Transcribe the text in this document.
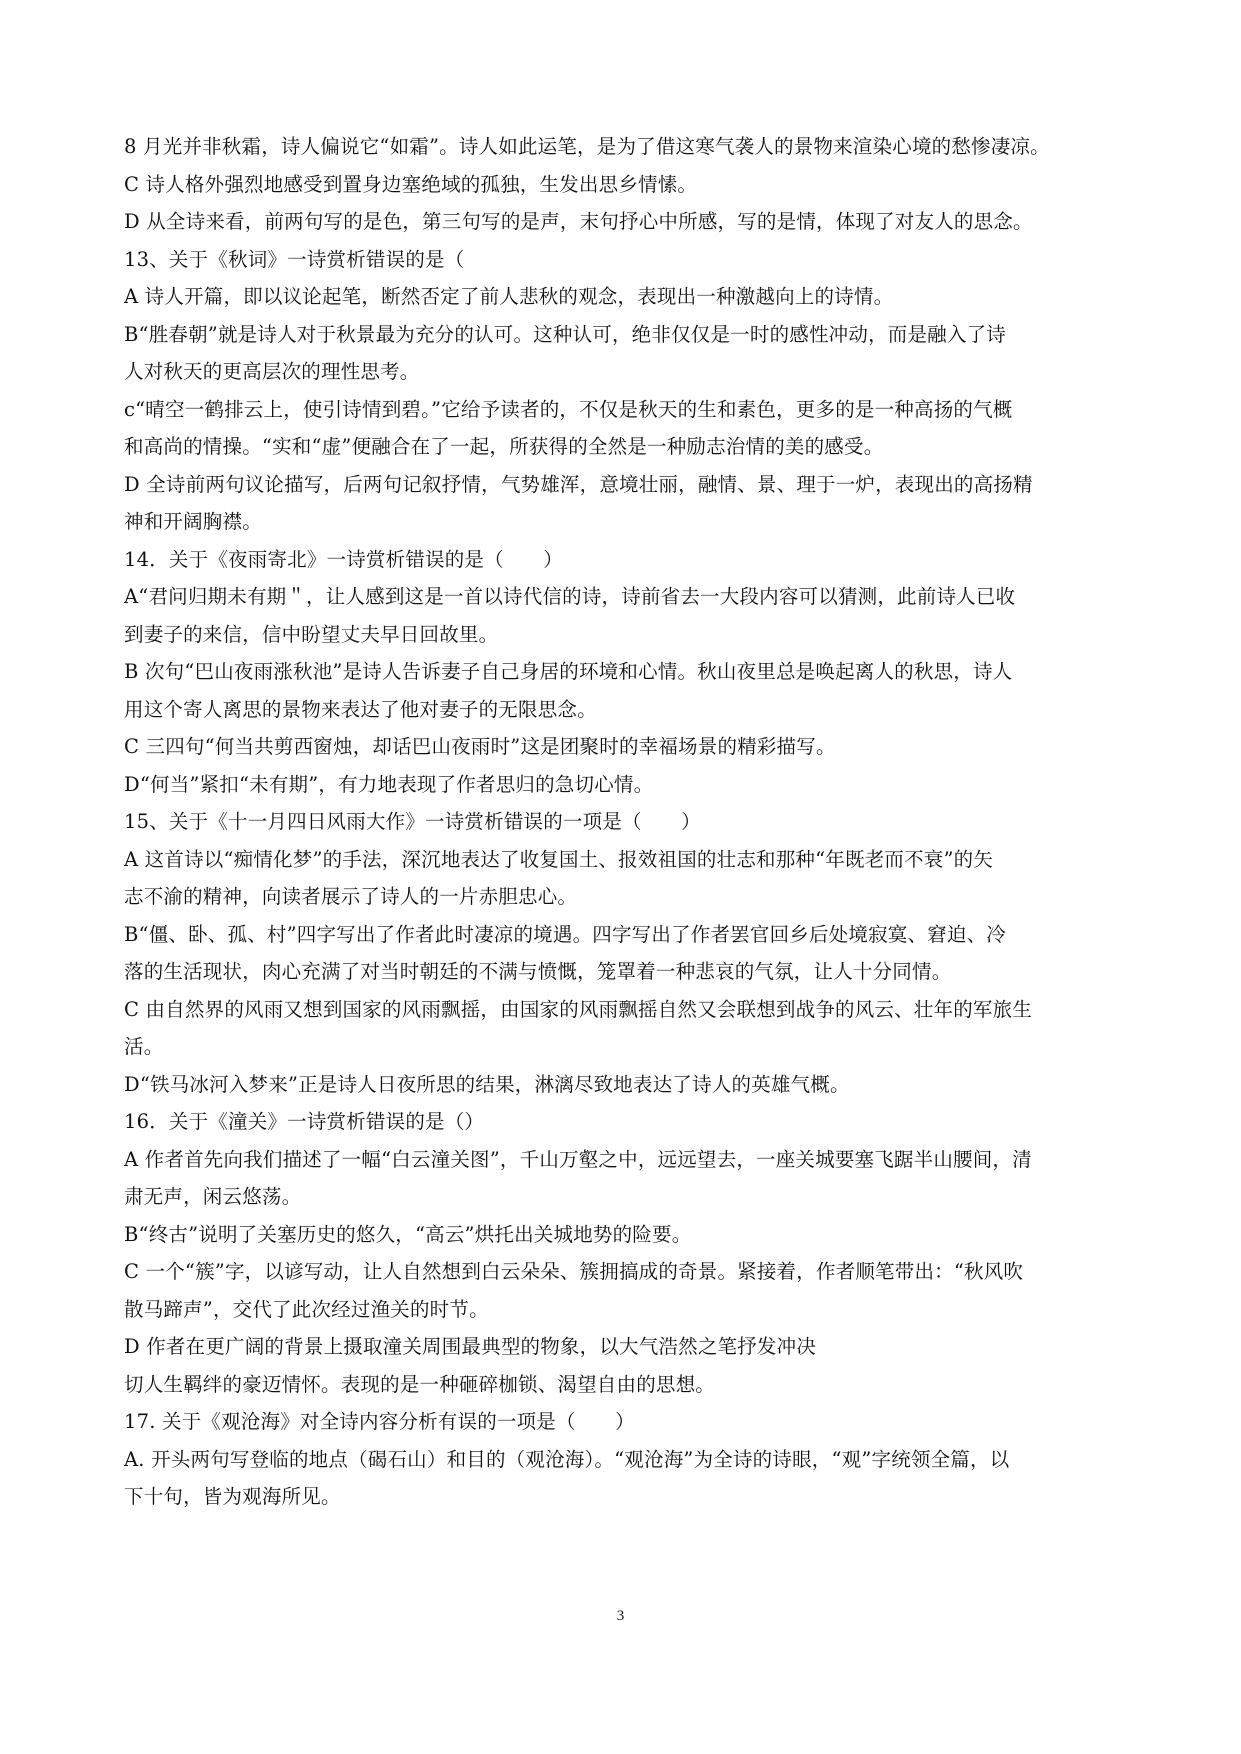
8 月光并非秋霜，诗人偏说它“如霜”。诗人如此运笔，是为了借这寒气袭人的景物来渲染心境的愁惨凄凉。
C 诗人格外强烈地感受到置身边塞绝域的孤独，生发出思乡情愫。
D 从全诗来看，前两句写的是色，第三句写的是声，末句抒心中所感，写的是情，体现了对友人的思念。
13、关于《秋词》一诗赏析错误的是（
A 诗人开篇，即以议论起笔，断然否定了前人悲秋的观念，表现出一种激越向上的诗情。
B“胜春朝”就是诗人对于秋景最为充分的认可。这种认可，绝非仅仅是一时的感性冲动，而是融入了诗
人对秋天的更高层次的理性思考。
c“晴空一鹤排云上，使引诗情到碧。”它给予读者的，不仅是秋天的生和素色，更多的是一种高扬的气概
和高尚的情操。“实和“虚”便融合在了一起，所获得的全然是一种励志治情的美的感受。
D 全诗前两句议论描写，后两句记叙抒情，气势雄浑，意境壮丽，融情、景、理于一炉，表现出的高扬精
神和开阔胸襟。
14．关于《夜雨寄北》一诗赏析错误的是（　　）
A“君问归期未有期＂，让人感到这是一首以诗代信的诗，诗前省去一大段内容可以猜测，此前诗人已收
到妻子的来信，信中盼望丈夫早日回故里。
B 次句“巴山夜雨涨秋池”是诗人告诉妻子自己身居的环境和心情。秋山夜里总是唤起离人的秋思，诗人
用这个寄人离思的景物来表达了他对妻子的无限思念。
C 三四句“何当共剪西窗烛，却话巴山夜雨时”这是团聚时的幸福场景的精彩描写。
D“何当”紧扣“未有期”，有力地表现了作者思归的急切心情。
15、关于《十一月四日风雨大作》一诗赏析错误的一项是（　　）
A 这首诗以“痴情化梦”的手法，深沉地表达了收复国土、报效祖国的壮志和那种“年既老而不衰”的矢
志不渝的精神，向读者展示了诗人的一片赤胆忠心。
B“僵、卧、孤、村”四字写出了作者此时凄凉的境遇。四字写出了作者罢官回乡后处境寂寞、窘迫、冷
落的生活现状，肉心充满了对当时朝廷的不满与愤慨，笼罩着一种悲哀的气氛，让人十分同情。
C 由自然界的风雨又想到国家的风雨飘摇，由国家的风雨飘摇自然又会联想到战争的风云、壮年的军旅生
活。
D“铁马冰河入梦来”正是诗人日夜所思的结果，淋漓尽致地表达了诗人的英雄气概。
16．关于《潼关》一诗赏析错误的是（）
A 作者首先向我们描述了一幅“白云潼关图”，千山万壑之中，远远望去，一座关城要塞飞踞半山腰间，清
肃无声，闲云悠荡。
B“终古”说明了关塞历史的悠久，“高云”烘托出关城地势的险要。
C 一个“簇”字，以谚写动，让人自然想到白云朵朵、簇拥搞成的奇景。紧接着，作者顺笔带出：“秋风吹
散马蹄声”，交代了此次经过渔关的时节。
D 作者在更广阔的背景上摄取潼关周围最典型的物象，以大气浩然之笔抒发冲决
切人生羁绊的豪迈情怀。表现的是一种砸碎枷锁、渴望自由的思想。
17. 关于《观沧海》对全诗内容分析有误的一项是（　　）
A. 开头两句写登临的地点（碣石山）和目的（观沧海）。“观沧海”为全诗的诗眼，“观”字统领全篇，以
下十句，皆为观海所见。
3
